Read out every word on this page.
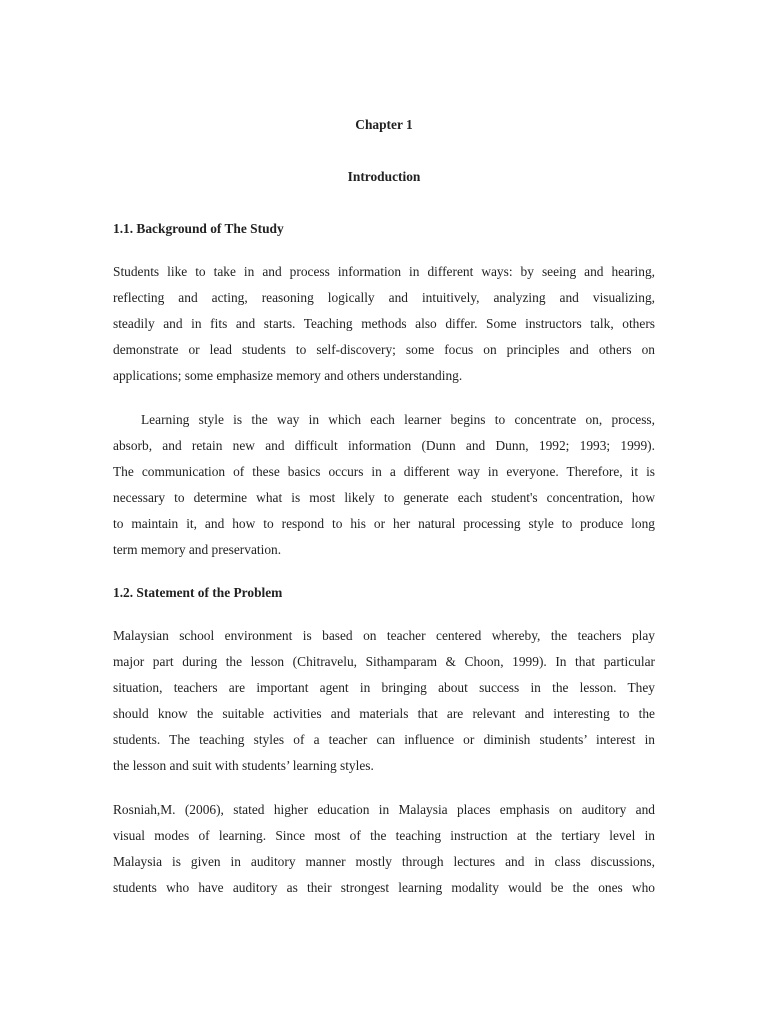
Chapter 1
Introduction
1.1. Background of The Study
Students like to take in and process information in different ways: by seeing and hearing,
reflecting and acting, reasoning logically and intuitively, analyzing and visualizing,
steadily and in fits and starts. Teaching methods also differ. Some instructors talk, others
demonstrate or lead students to self-discovery; some focus on principles and others on
applications; some emphasize memory and others understanding.
Learning style is the way in which each learner begins to concentrate on, process,
absorb, and retain new and difficult information (Dunn and Dunn, 1992; 1993; 1999).
The communication of these basics occurs in a different way in everyone. Therefore, it is
necessary to determine what is most likely to generate each student's concentration, how
to maintain it, and how to respond to his or her natural processing style to produce long
term memory and preservation.
1.2. Statement of the Problem
Malaysian school environment is based on teacher centered whereby, the teachers play
major part during the lesson (Chitravelu, Sithamparam & Choon, 1999). In that particular
situation, teachers are important agent in bringing about success in the lesson. They
should know the suitable activities and materials that are relevant and interesting to the
students. The teaching styles of a teacher can influence or diminish students’ interest in
the lesson and suit with students’ learning styles.
Rosniah,M. (2006), stated higher education in Malaysia places emphasis on auditory and
visual modes of learning. Since most of the teaching instruction at the tertiary level in
Malaysia is given in auditory manner mostly through lectures and in class discussions,
students who have auditory as their strongest learning modality would be the ones who
